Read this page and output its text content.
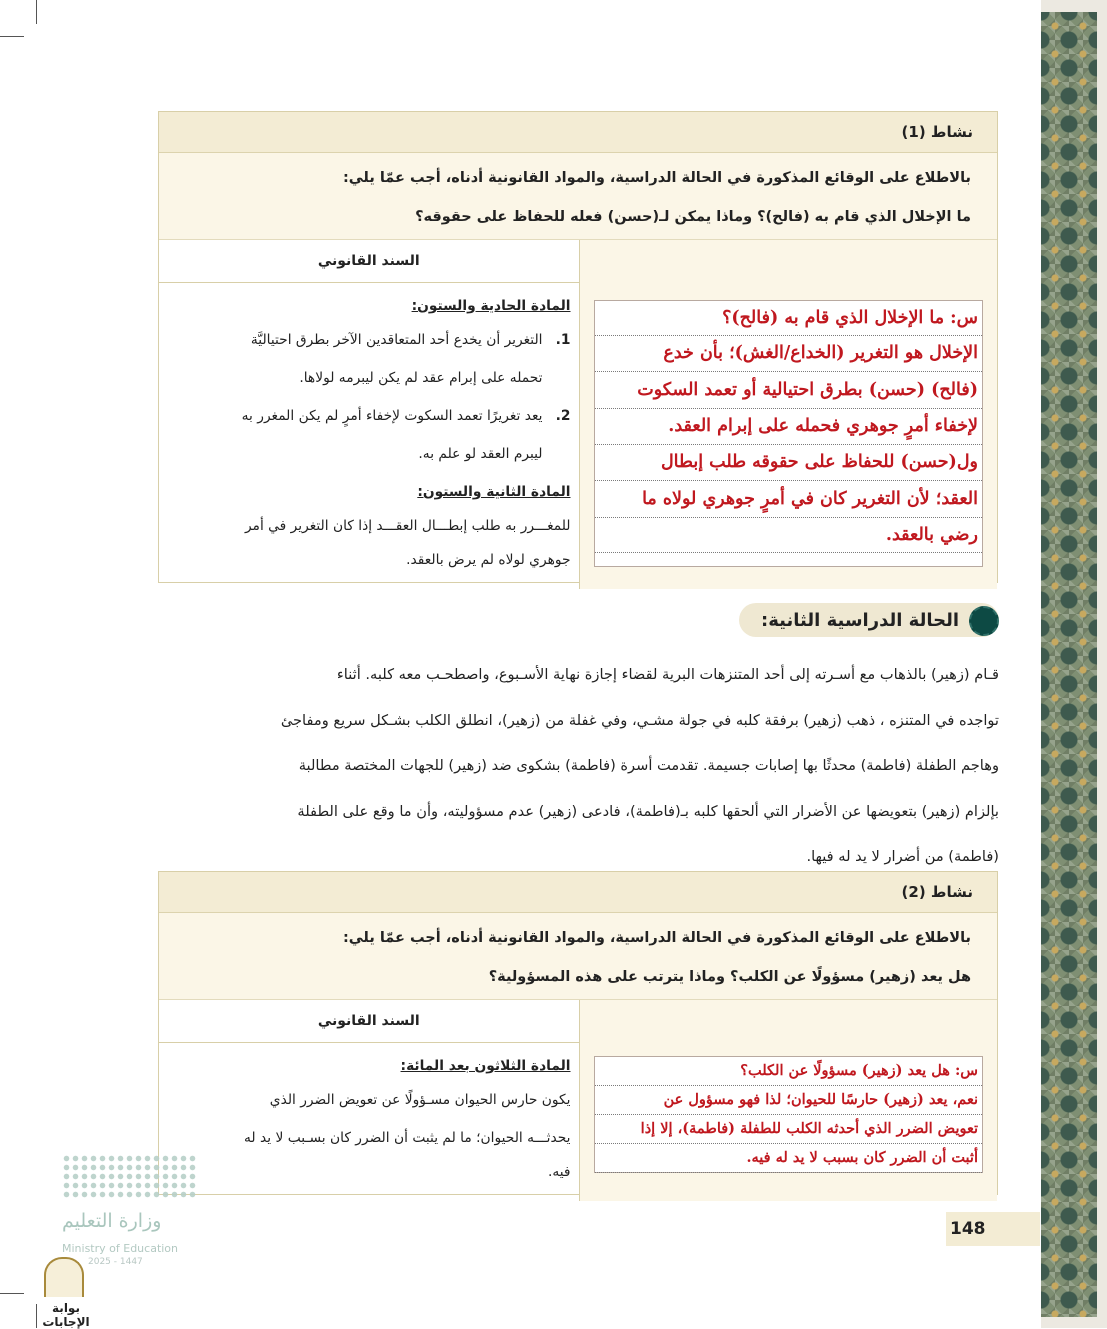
نشاط (1)

بالاطلاع على الوقائع المذكورة في الحالة الدراسية، والمواد القانونية أدناه، أجب عمّا يلي:

ما الإخلال الذي قام به (فالح)؟ وماذا يمكن لـ(حسن) فعله للحفاظ على حقوقه؟

س: ما الإخلال الذي قام به (فالح)؟
الإخلال هو التغرير (الخداع/الغش)؛ بأن خدع
(فالح) (حسن) بطرق احتيالية أو تعمد السكوت
لإخفاء أمرٍ جوهري فحمله على إبرام العقد.
ول(حسن) للحفاظ على حقوقه طلب إبطال
العقد؛ لأن التغرير كان في أمرٍ جوهري لولاه ما
رضي بالعقد.
السند القانوني
المادة الحادية والستون:
1.
التغرير أن يخدع أحد المتعاقدين الآخر بطرق احتياليَّة
تحمله على إبرام عقد لم يكن ليبرمه لولاها.
2.
يعد تغريرًا تعمد السكوت لإخفاء أمرٍ لم يكن المغرر به
ليبرم العقد لو علم به.
المادة الثانية والستون:
للمغـــرر به طلب إبطـــال العقـــد إذا كان التغرير في أمر
جوهري لولاه لم يرض بالعقد.
الحالة الدراسية الثانية:

قـام (زهير) بالذهاب مع أسـرته إلى أحد المتنزهات البرية لقضاء إجازة نهاية الأسـبوع، واصطحـب معه كلبه. أثناء

تواجده في المتنزه ، ذهب (زهير) برفقة كلبه في جولة مشـي، وفي غفلة من (زهير)، انطلق الكلب بشـكل سريع ومفاجئ

وهاجم الطفلة (فاطمة) محدثًا بها إصابات جسيمة. تقدمت أسرة (فاطمة) بشكوى ضد (زهير) للجهات المختصة مطالبة

بإلزام (زهير) بتعويضها عن الأضرار التي ألحقها كلبه بـ(فاطمة)، فادعى (زهير) عدم مسؤوليته، وأن ما وقع على الطفلة

(فاطمة) من أضرار لا يد له فيها.

نشاط (2)

بالاطلاع على الوقائع المذكورة في الحالة الدراسية، والمواد القانونية أدناه، أجب عمّا يلي:

هل يعد (زهير) مسؤولًا عن الكلب؟ وماذا يترتب على هذه المسؤولية؟

س: هل يعد (زهير) مسؤولًا عن الكلب؟
نعم، يعد (زهير) حارسًا للحيوان؛ لذا فهو مسؤول عن
تعويض الضرر الذي أحدثه الكلب للطفلة (فاطمة)، إلا إذا
أثبت أن الضرر كان بسبب لا يد له فيه.
السند القانوني
المادة الثلاثون بعد المائة:
يكون حارس الحيوان مسـؤولًا عن تعويض الضرر الذي
يحدثـــه الحيوان؛ ما لم يثبت أن الضرر كان بسـبب لا يد له
فيه.
148
وزارة التعليم
Ministry of Education
2025 - 1447
بوابة الإجابات
